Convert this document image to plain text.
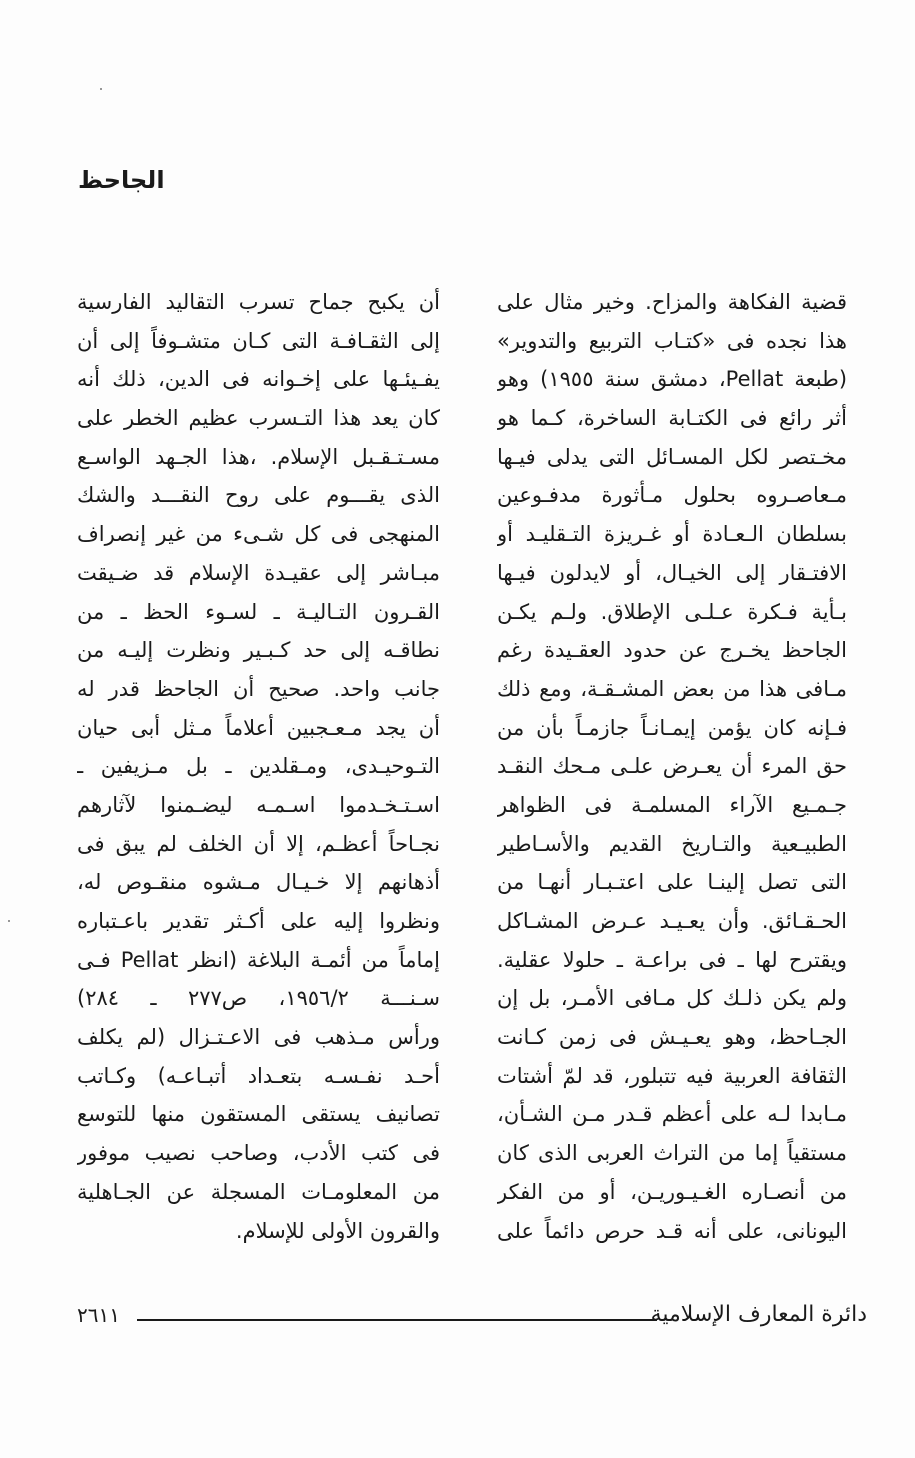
الجاحظ
قضية الفكاهة والمزاح. وخير مثال على
هذا نجده فى «كتـاب التربيع والتدوير»
(طبعة Pellat، دمشق سنة ١٩٥٥) وهو
أثر رائع فى الكتـابة الساخرة، كـما هو
مخـتصر لكل المسـائل التى يدلى فيـها
مـعاصـروه بحلول مـأثورة مدفـوعين
بسلطان الـعـادة أو غـريزة التـقليـد أو
الافتـقار إلى الخيـال، أو لايدلون فيـها
بـأية فـكرة عـلـى الإطلاق. ولـم يكـن
الجاحظ يخـرج عن حدود العقـيدة رغم
مـافى هذا من بعض المشـقـة، ومع ذلك
فـإنه كان يؤمن إيمـانـاً جازمـاً بأن من
حق المرء أن يعـرض علـى مـحك النقـد
جـمـيع الآراء المسلمـة فى الظواهر
الطبيـعية والتـاريخ القديم والأسـاطير
التى تصل إلينـا على اعتـبـار أنهـا من
الحـقـائق. وأن يعـيـد عـرض المشـاكل
ويقترح لها ـ فى براعـة ـ حلولا عقلية.
ولم يكن ذلـك كل مـافى الأمـر، بل إن
الجـاحظ، وهو يعـيـش فى زمن كـانت
الثقافة العربية فيه تتبلور، قد لمّ أشتات
مـابدا لـه على أعظم قـدر مـن الشـأن،
مستقياً إما من التراث العربى الذى كان
من أنصـاره الغـيـوريـن، أو من الفكر
اليونانى، على أنه قـد حرص دائماً على
أن يكبح جماح تسرب التقاليد الفارسية
إلى الثقـافـة التى كـان متشـوفاً إلى أن
يفـيئـها على إخـوانه فى الدين، ذلك أنه
كان يعد هذا التـسرب عظيم الخطر على
مسـتـقـبل الإسلام. ،هذا الجـهد الواسـع
الذى يقـــوم على روح النقـــد والشك
المنهجى فى كل شـىء من غير إنصراف
مبـاشر إلى عقيـدة الإسلام قد ضـيقت
القـرون التـاليـة ـ لسـوء الحظ ـ من
نطاقـه إلى حد كـبـير ونظرت إليـه من
جانب واحد. صحيح أن الجاحظ قدر له
أن يجد مـعـجبين أعلاماً مـثل أبى حيان
التـوحيـدى، ومـقلدين ـ بل مـزيفين ـ
اسـتـخـدموا اسـمـه ليضـمنوا لآثارهم
نجـاحاً أعظـم، إلا أن الخلف لم يبق فى
أذهانهم إلا خـيـال مـشوه منقـوص له،
ونظروا إليه على أكـثر تقدير باعـتباره
إماماً من أئمـة البلاغة (انظر Pellat فـى
سـنـــة ١٩٥٦/٢، ص٢٧٧ ـ ٢٨٤)
ورأس مـذهب فى الاعـتـزال (لم يكلف
أحـد نفـسـه بتعـداد أتبـاعـه) وكـاتب
تصانيف يستقى المستقون منها للتوسع
فى كتب الأدب، وصاحب نصيب موفور
من المعلومـات المسجلة عن الجـاهلية
والقرون الأولى للإسلام.
دائرة المعارف الإسلامية
٢٦١١
